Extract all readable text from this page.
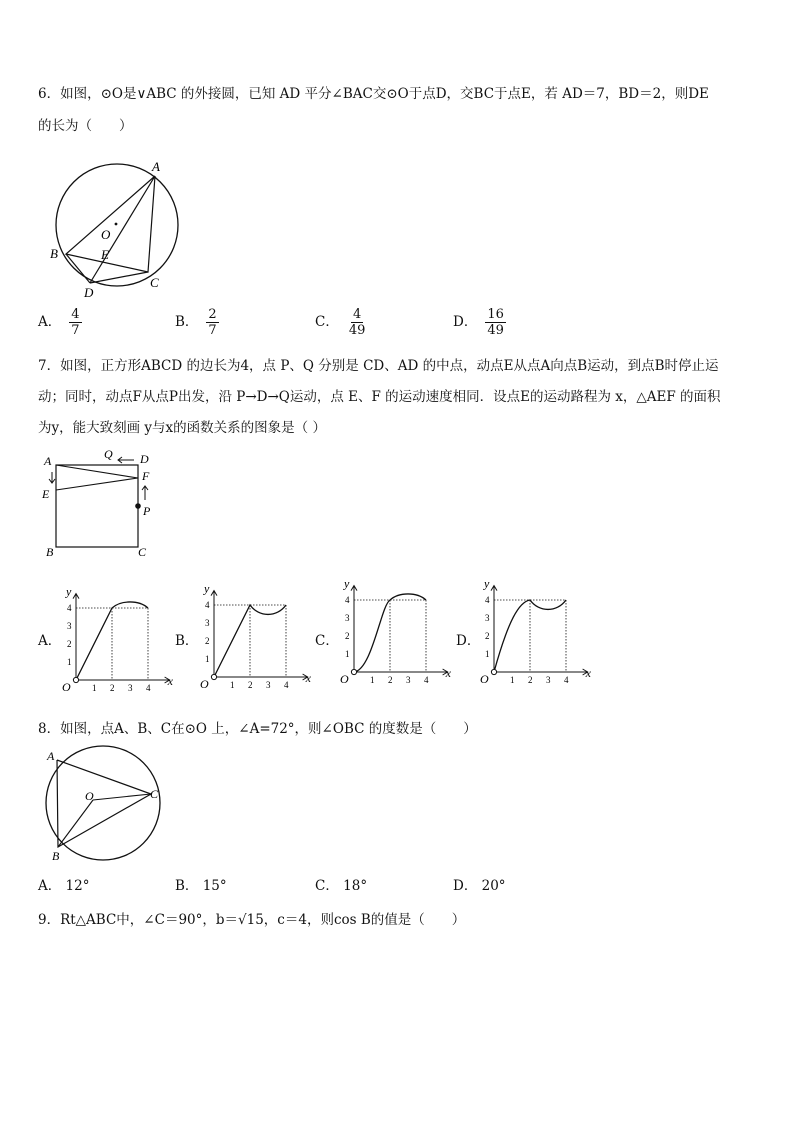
6．如图，⊙O是∨ABC 的外接圆，已知 AD 平分∠BAC交⊙O于点D，交BC于点E，若 AD＝7，BD＝2，则DE
的长为（　　）
A
B
C
D
E
O
A． $\frac{4}{7}$	B． $\frac{2}{7}$	C． $\frac{4}{49}$	D． $\frac{16}{49}$
7．如图，正方形ABCD 的边长为4，点 P、Q 分别是 CD、AD 的中点，动点E从点A向点B运动，到点B时停止运
动；同时，动点F从点P出发，沿 P→D→Q运动，点 E、F 的运动速度相同．设点E的运动路程为 x，△AEF 的面积
为y，能大致刻画 y与x的函数关系的图象是（ ）
A	D
Q
F
E
P
B	C
A．	B．	C．	D．
1
2
3
4
1 2 3 4
O	x
y
1
2
3
4
1 2 3 4
O	x
y
1
2
3
4
1 2 3 4
O	x
y
1
2
3
4
1 2 3 4
O	x
y
8．如图，点A、B、C在⊙O 上，∠A=72°，则∠OBC 的度数是（　　）
A
C
B
O
A． 12°	B． 15°	C． 18°	D． 20°
9．Rt△ABC中，∠C＝90°，b＝√15，c＝4，则cos B的值是（　　）
